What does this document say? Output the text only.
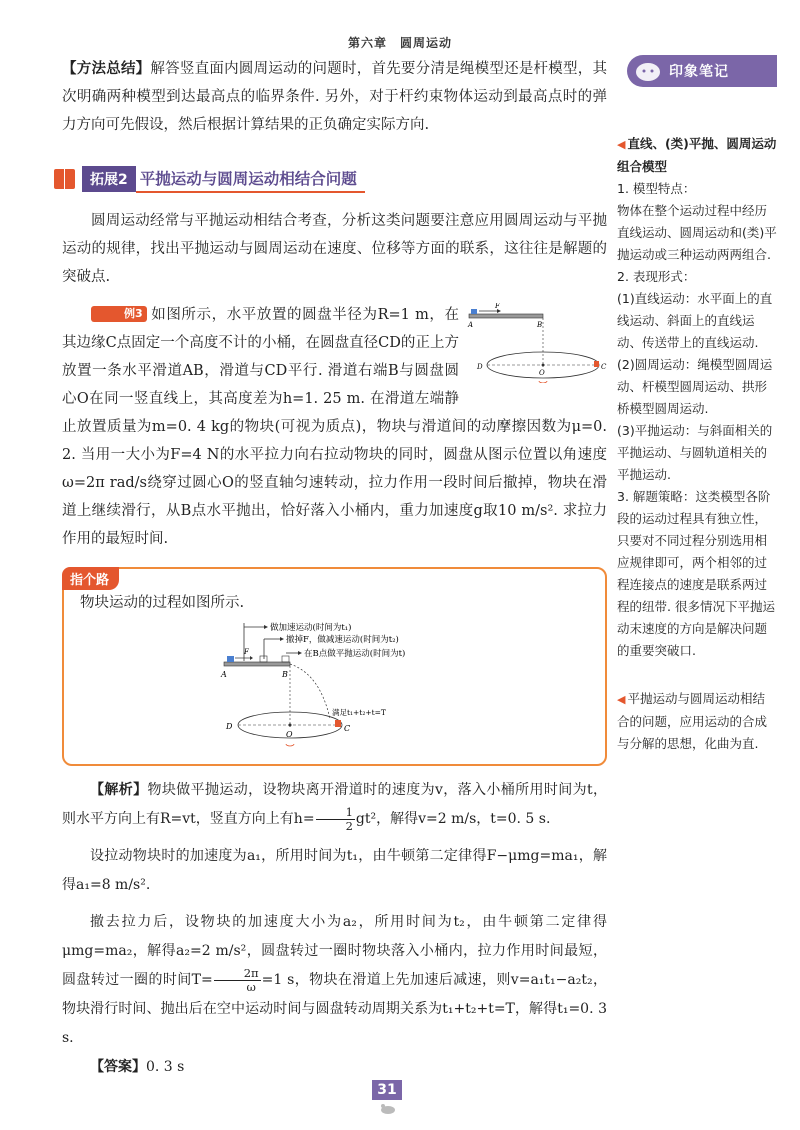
第六章　圆周运动

【方法总结】解答竖直面内圆周运动的问题时，首先要分清是绳模型还是杆模型，其次明确两种模型到达最高点的临界条件. 另外，对于杆约束物体运动到最高点时的弹力方向可先假设，然后根据计算结果的正负确定实际方向.

拓展2 平抛运动与圆周运动相结合问题

圆周运动经常与平抛运动相结合考查，分析这类问题要注意应用圆周运动与平抛运动的规律，找出平抛运动与圆周运动在速度、位移等方面的联系，这往往是解题的突破点.

F
A	B
D	C
O

例3 如图所示，水平放置的圆盘半径为R=1 m，在其边缘C点固定一个高度不计的小桶，在圆盘直径CD的正上方放置一条水平滑道AB，滑道与CD平行. 滑道右端B与圆盘圆心O在同一竖直线上，其高度差为h=1. 25 m. 在滑道左端静止放置质量为m=0. 4 kg的物块(可视为质点)，物块与滑道间的动摩擦因数为μ=0. 2. 当用一大小为F=4 N的水平拉力向右拉动物块的同时，圆盘从图示位置以角速度ω=2π rad/s绕穿过圆心O的竖直轴匀速转动，拉力作用一段时间后撤掉，物块在滑道上继续滑行，从B点水平抛出，恰好落入小桶内，重力加速度g取10 m/s². 求拉力作用的最短时间.

指个路

物块运动的过程如图所示.

做加速运动(时间为t₁)
撤掉F，做减速运动(时间为t₂)
在B点做平抛运动(时间为t)
F
A	B
D	C
O
满足t₁+t₂+t=T

【解析】物块做平抛运动，设物块离开滑道时的速度为v，落入小桶所用时间为t，则水平方向上有R=vt，竖直方向上有$h= \frac{1}{2} gt^2$，解得v=2 m/s，t=0. 5 s.

设拉动物块时的加速度为a₁，所用时间为t₁，由牛顿第二定律得F−μmg=ma₁，解得a₁=8 m/s².

撤去拉力后，设物块的加速度大小为a₂，所用时间为t₂，由牛顿第二定律得μmg=ma₂，解得a₂=2 m/s²，圆盘转过一圈时物块落入小桶内，拉力作用时间最短，圆盘转过一圈的时间$T= \frac{2\pi}{\omega} =1$ s，物块在滑道上先加速后减速，则v=a₁t₁−a₂t₂，物块滑行时间、抛出后在空中运动时间与圆盘转动周期关系为t₁+t₂+t=T，解得t₁=0. 3 s.

【答案】0. 3 s

印象笔记
◀ 直线、(类)平抛、圆周运动组合模型
1. 模型特点：
物体在整个运动过程中经历直线运动、圆周运动和(类)平抛运动或三种运动两两组合.
2. 表现形式：
(1)直线运动：水平面上的直线运动、斜面上的直线运动、传送带上的直线运动.
(2)圆周运动：绳模型圆周运动、杆模型圆周运动、拱形桥模型圆周运动.
(3)平抛运动：与斜面相关的平抛运动、与圆轨道相关的平抛运动.
3. 解题策略：这类模型各阶段的运动过程具有独立性，只要对不同过程分别选用相应规律即可，两个相邻的过程连接点的速度是联系两过程的纽带. 很多情况下平抛运动末速度的方向是解决问题的重要突破口.
◀ 平抛运动与圆周运动相结合的问题，应用运动的合成与分解的思想，化曲为直.
31
